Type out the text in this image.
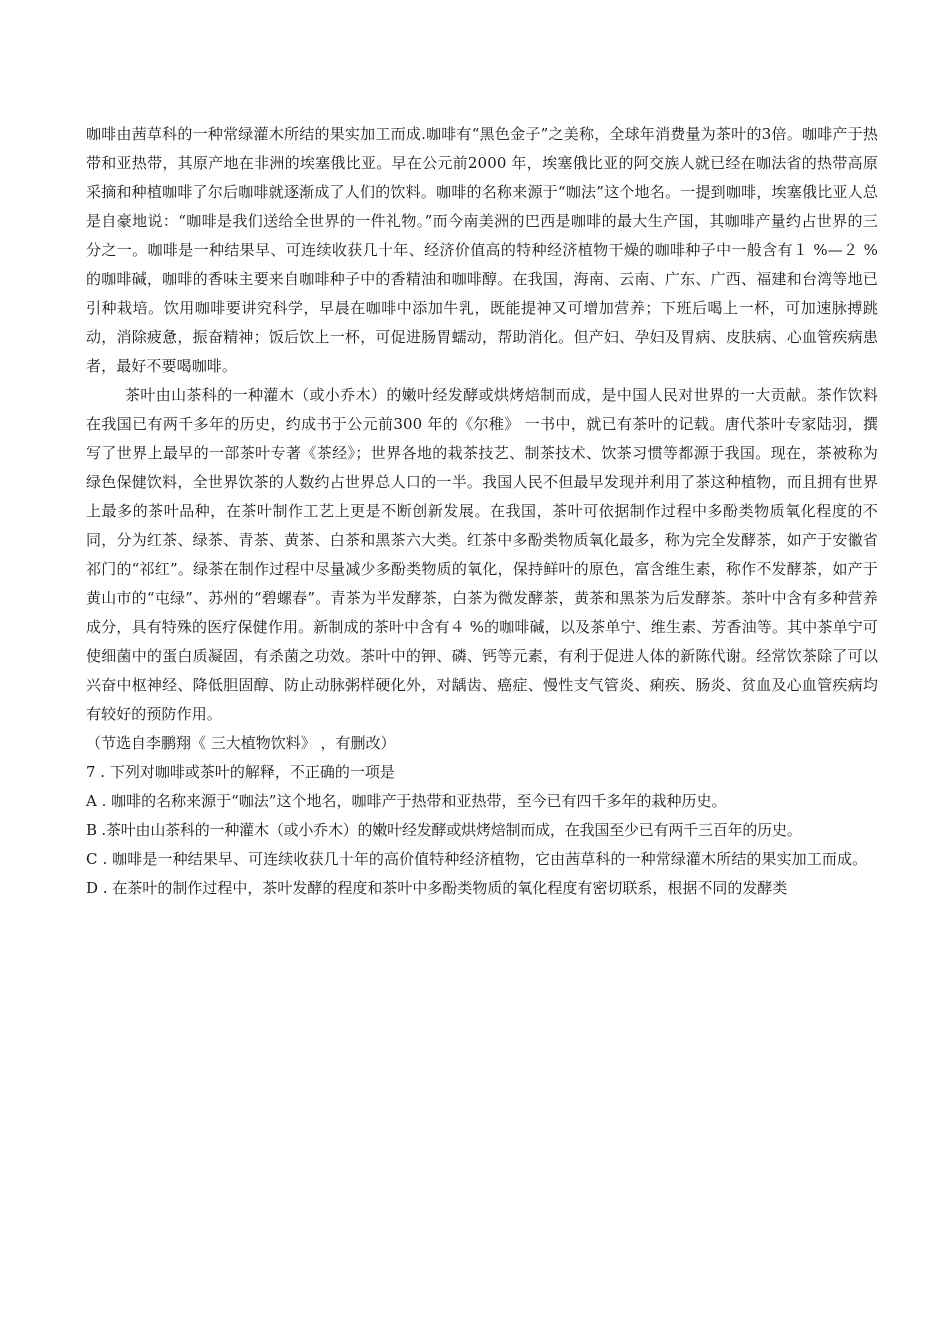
咖啡由茜草科的一种常绿灌木所结的果实加工而成.咖啡有“黑色金子”之美称，全球年消费量为茶叶的3倍。咖啡产于热带和亚热带，其原产地在非洲的埃塞俄比亚。早在公元前2000 年，埃塞俄比亚的阿交族人就已经在咖法省的热带高原采摘和种植咖啡了尔后咖啡就逐渐成了人们的饮料。咖啡的名称来源于“咖法”这个地名。一提到咖啡，埃塞俄比亚人总是自豪地说：“咖啡是我们送给全世界的一件礼物。”而今南美洲的巴西是咖啡的最大生产国，其咖啡产量约占世界的三分之一。咖啡是一种结果早、可连续收获几十年、经济价值高的特种经济植物干燥的咖啡种子中一般含有１ %—２ %的咖啡碱，咖啡的香味主要来自咖啡种子中的香精油和咖啡醇。在我国，海南、云南、广东、广西、福建和台湾等地已引种栽培。饮用咖啡要讲究科学，早晨在咖啡中添加牛乳，既能提神又可增加营养；下班后喝上一杯，可加速脉搏跳动，消除疲惫，振奋精神；饭后饮上一杯，可促进肠胃蠕动，帮助消化。但产妇、孕妇及胃病、皮肤病、心血管疾病患者，最好不要喝咖啡。

茶叶由山茶科的一种灌木（或小乔木）的嫩叶经发酵或烘烤焙制而成，是中国人民对世界的一大贡献。茶作饮料在我国已有两千多年的历史，约成书于公元前300 年的《尔稚》 一书中，就已有茶叶的记载。唐代茶叶专家陆羽，撰写了世界上最早的一部茶叶专著《茶经》；世界各地的栽茶技艺、制茶技术、饮茶习惯等都源于我国。现在，茶被称为绿色保健饮料，全世界饮茶的人数约占世界总人口的一半。我国人民不但最早发现并利用了茶这种植物，而且拥有世界上最多的茶叶品种，在茶叶制作工艺上更是不断创新发展。在我国，茶叶可依据制作过程中多酚类物质氧化程度的不同，分为红茶、绿茶、青茶、黄茶、白茶和黑茶六大类。红茶中多酚类物质氧化最多，称为完全发酵茶，如产于安徽省祁门的“祁红”。绿茶在制作过程中尽量减少多酚类物质的氧化，保持鲜叶的原色，富含维生素，称作不发酵茶，如产于黄山市的“屯绿”、苏州的“碧螺春”。青茶为半发酵茶，白茶为微发酵茶，黄茶和黑茶为后发酵茶。茶叶中含有多种营养成分，具有特殊的医疗保健作用。新制成的茶叶中含有４ %的咖啡碱，以及茶单宁、维生素、芳香油等。其中茶单宁可使细菌中的蛋白质凝固，有杀菌之功效。茶叶中的钾、磷、钙等元素，有利于促进人体的新陈代谢。经常饮茶除了可以兴奋中枢神经、降低胆固醇、防止动脉粥样硬化外，对龋齿、癌症、慢性支气管炎、痢疾、肠炎、贫血及心血管疾病均有较好的预防作用。

（节选自李鹏翔《 三大植物饮料》 ，有删改）

7 . 下列对咖啡或茶叶的解释，不正确的一项是

A . 咖啡的名称来源于“咖法”这个地名，咖啡产于热带和亚热带，至今已有四千多年的栽种历史。

B .茶叶由山茶科的一种灌木（或小乔木）的嫩叶经发酵或烘烤焙制而成，在我国至少已有两千三百年的历史。

C . 咖啡是一种结果早、可连续收获几十年的高价值特种经济植物，它由茜草科的一种常绿灌木所结的果实加工而成。

D . 在茶叶的制作过程中，茶叶发酵的程度和茶叶中多酚类物质的氧化程度有密切联系，根据不同的发酵类
